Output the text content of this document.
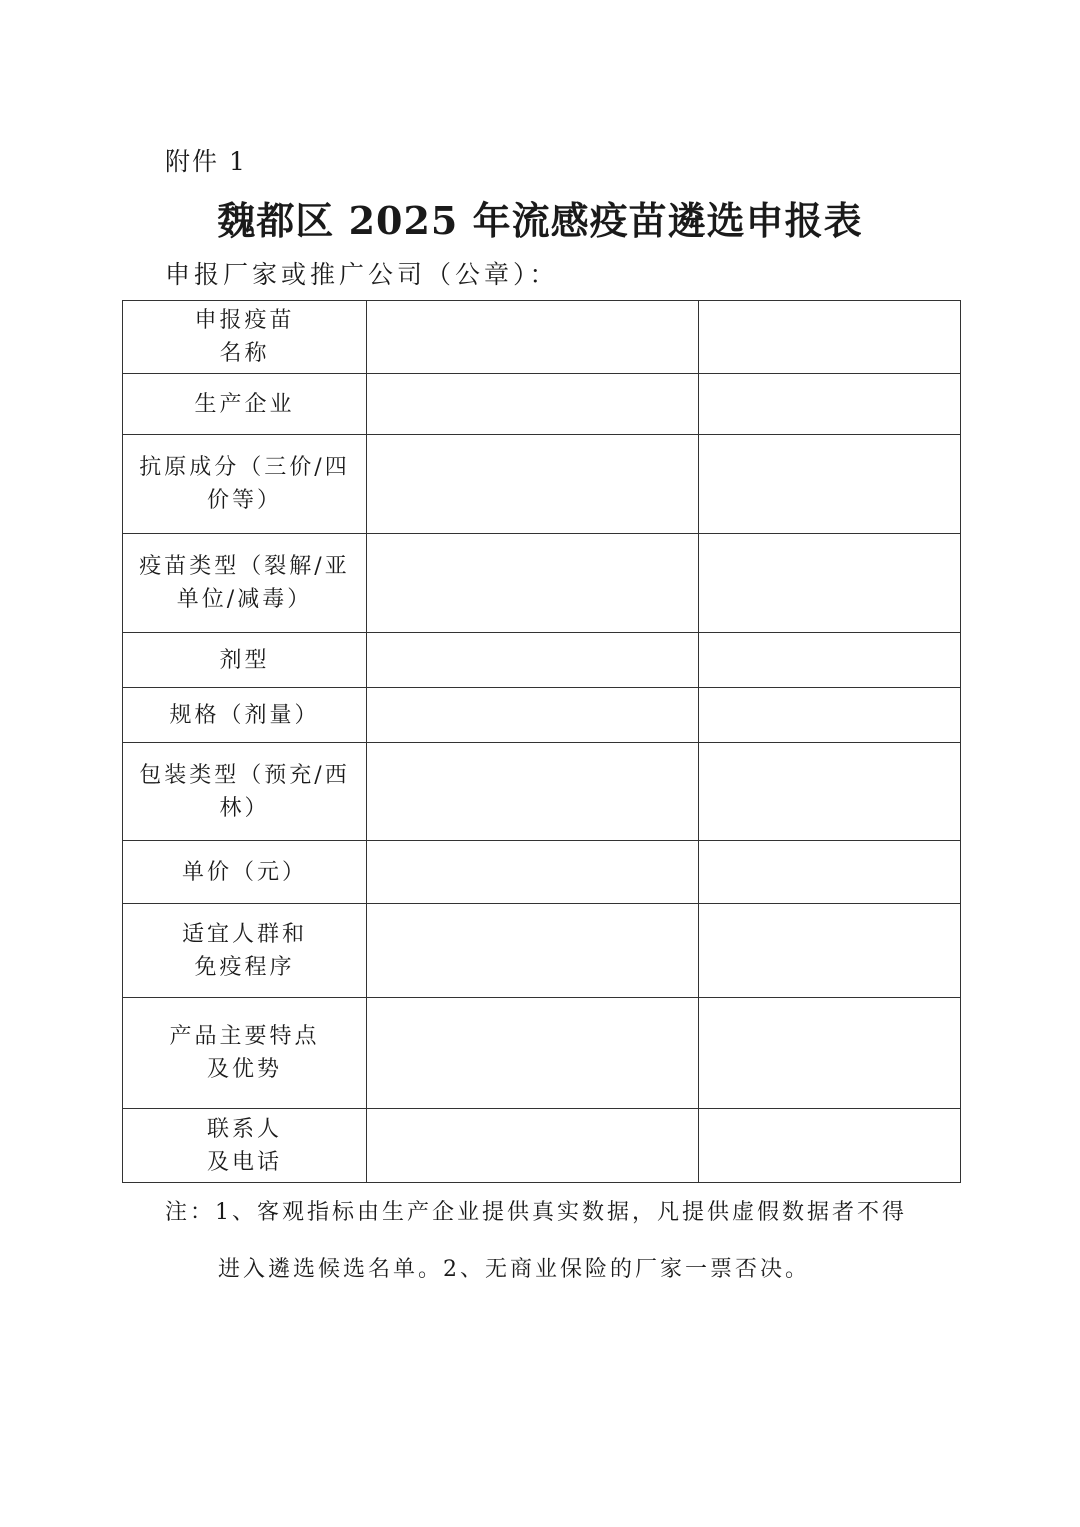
附件 1
魏都区 2025 年流感疫苗遴选申报表
申报厂家或推广公司（公章）：
申报疫苗
名称		

生产企业		

抗原成分（三价/四
价等）		

疫苗类型（裂解/亚
单位/减毒）		

剂型		

规格（剂量）		

包装类型（预充/西
林）		

单价（元）		

适宜人群和
免疫程序		

产品主要特点
及优势		

联系人
及电话		

注：1、客观指标由生产企业提供真实数据，凡提供虚假数据者不得
进入遴选候选名单。2、无商业保险的厂家一票否决。
